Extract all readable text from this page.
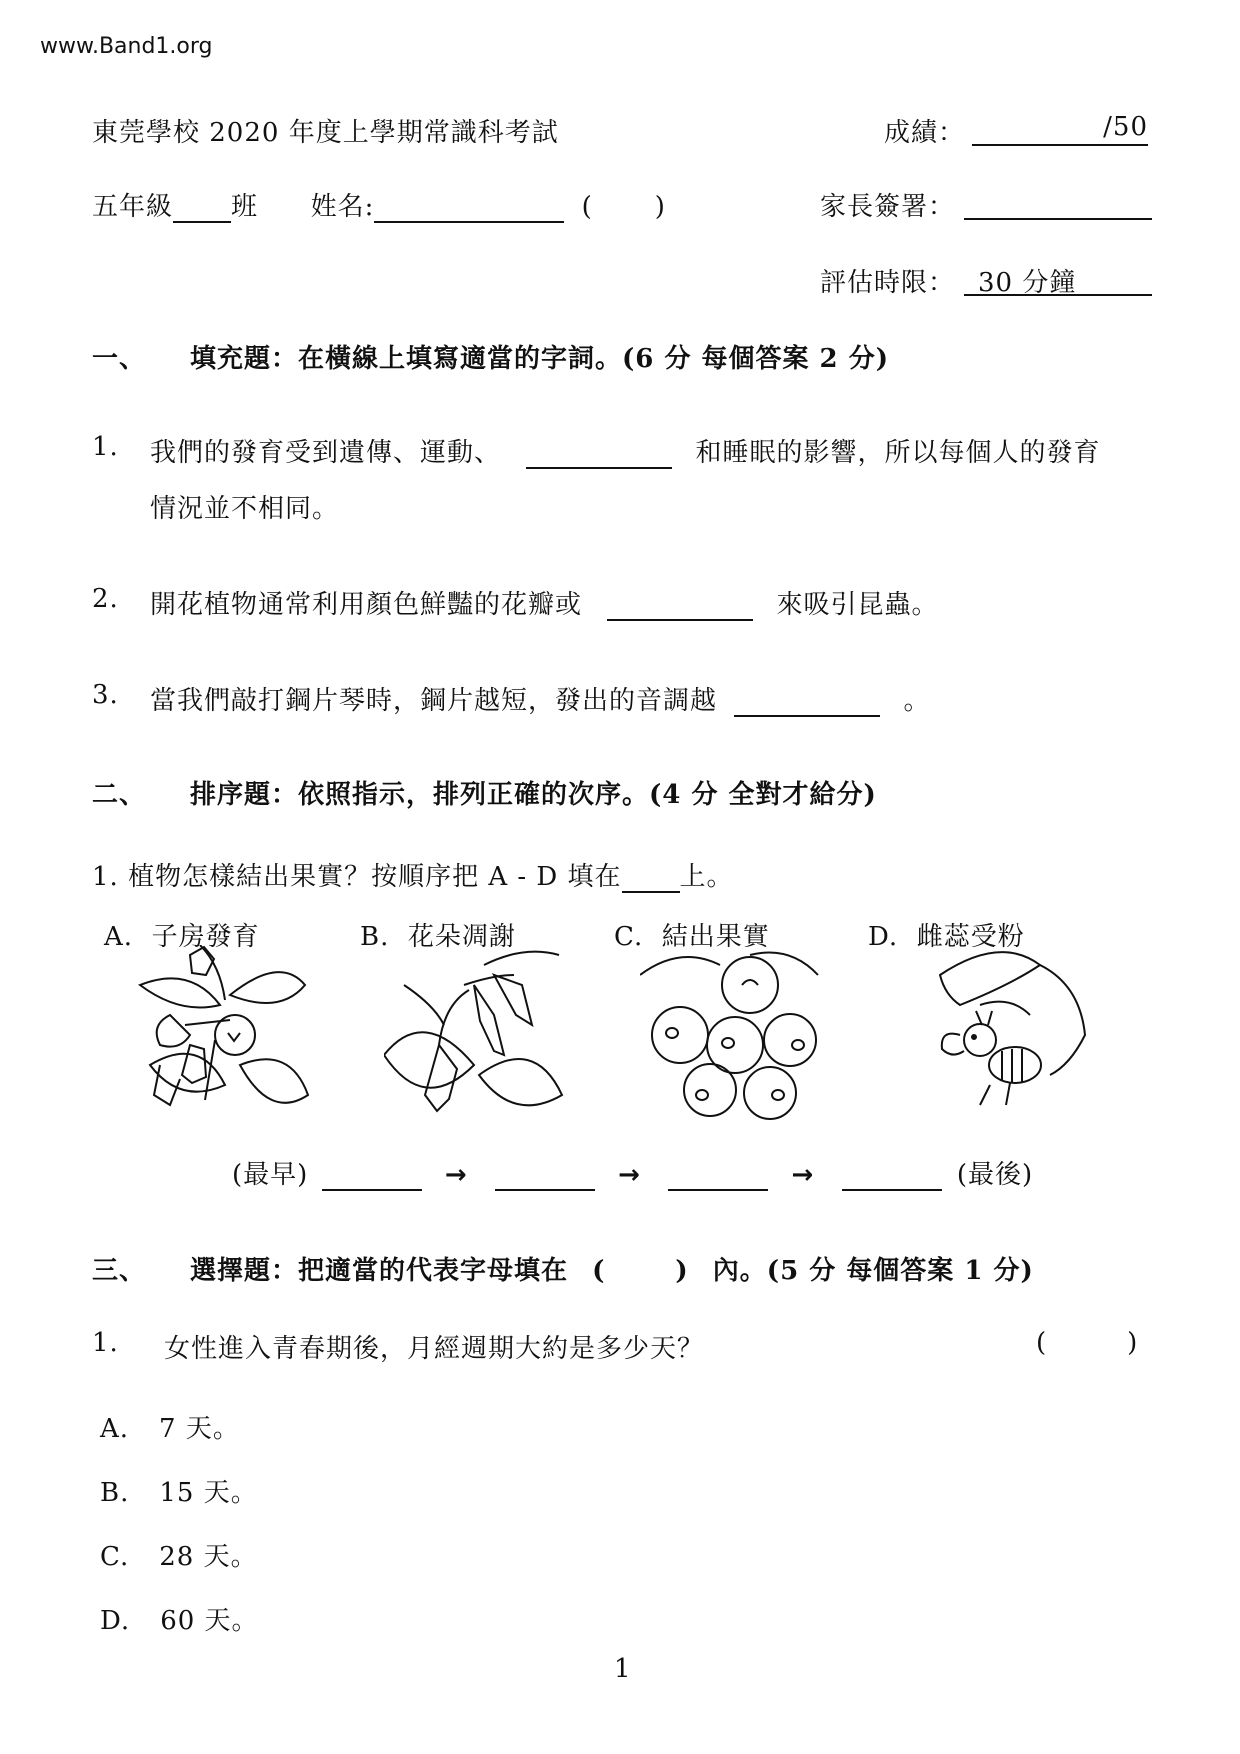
www.Band1.org
東莞學校 2020 年度上學期常識科考試	成績：	/50
五年級 班 姓名:	( )	家長簽署：
評估時限： 30 分鐘
一、 填充題：在橫線上填寫適當的字詞。(6 分 每個答案 2 分)
1. 我們的發育受到遺傳、運動、	和睡眠的影響，所以每個人的發育
情況並不相同。
2. 開花植物通常利用顏色鮮豔的花瓣或	來吸引昆蟲。
3. 當我們敲打鋼片琴時，鋼片越短，發出的音調越	。
二、 排序題：依照指示，排列正確的次序。(4 分 全對才給分)
1. 植物怎樣結出果實？按順序把 A - D 填在 上。
A. 子房發育	B. 花朵凋謝	C. 結出果實	D. 雌蕊受粉
(最早)	→	→	→	(最後)
三、 選擇題：把適當的代表字母填在 (	) 內。(5 分 每個答案 1 分)
1. 女性進入青春期後，月經週期大約是多少天？	(	)
A. 7 天。
B. 15 天。
C. 28 天。
D. 60 天。
1
